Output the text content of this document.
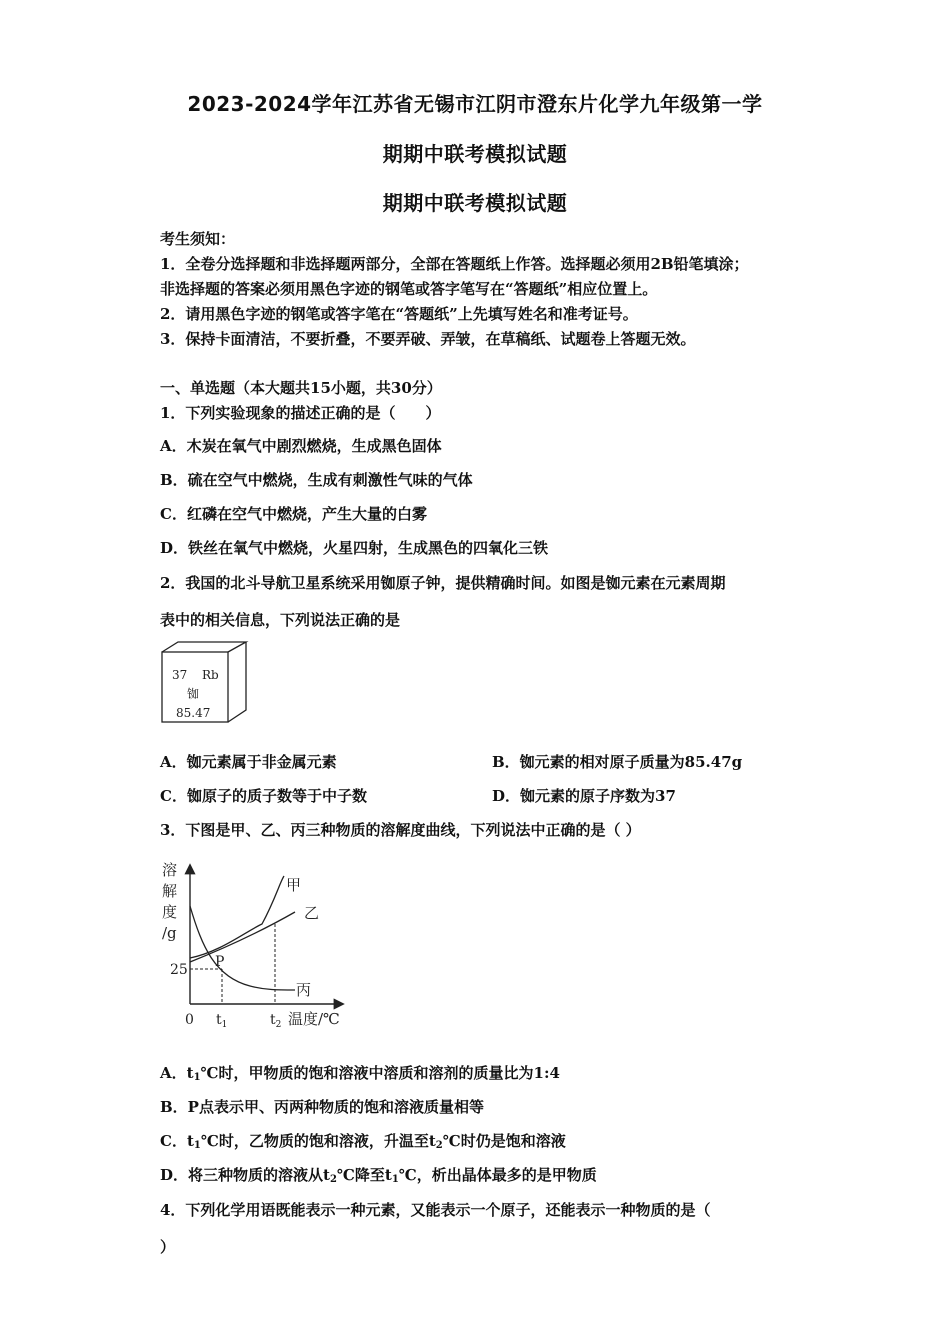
2023-2024学年江苏省无锡市江阴市澄东片化学九年级第一学
期期中联考模拟试题
期期中联考模拟试题
考生须知：
1．全卷分选择题和非选择题两部分，全部在答题纸上作答。选择题必须用2B铅笔填涂；
非选择题的答案必须用黑色字迹的钢笔或答字笔写在“答题纸”相应位置上。
2．请用黑色字迹的钢笔或答字笔在“答题纸”上先填写姓名和准考证号。
3．保持卡面清洁，不要折叠，不要弄破、弄皱，在草稿纸、试题卷上答题无效。
一、单选题（本大题共15小题，共30分）
1．下列实验现象的描述正确的是（　　）
A．木炭在氧气中剧烈燃烧，生成黑色固体
B．硫在空气中燃烧，生成有刺激性气味的气体
C．红磷在空气中燃烧，产生大量的白雾
D．铁丝在氧气中燃烧，火星四射，生成黑色的四氧化三铁
2．我国的北斗导航卫星系统采用铷原子钟，提供精确时间。如图是铷元素在元素周期
表中的相关信息，下列说法正确的是
37 Rb
铷
85.47
A．铷元素属于非金属元素	B．铷元素的相对原子质量为85.47g
C．铷原子的质子数等于中子数	D．铷元素的原子序数为37
3．下图是甲、乙、丙三种物质的溶解度曲线，下列说法中正确的是（ ）
溶
解
度
/g
25
0 $t_1$	$t_2$ 温度/℃
甲
乙
丙
P
A．$t_1℃$时，甲物质的饱和溶液中溶质和溶剂的质量比为1:4
B．P点表示甲、丙两种物质的饱和溶液质量相等
C．$t_1℃$时，乙物质的饱和溶液，升温至$t_2℃$时仍是饱和溶液
D．将三种物质的溶液从$t_2℃$降至$t_1℃$，析出晶体最多的是甲物质
4．下列化学用语既能表示一种元素，又能表示一个原子，还能表示一种物质的是（
）
